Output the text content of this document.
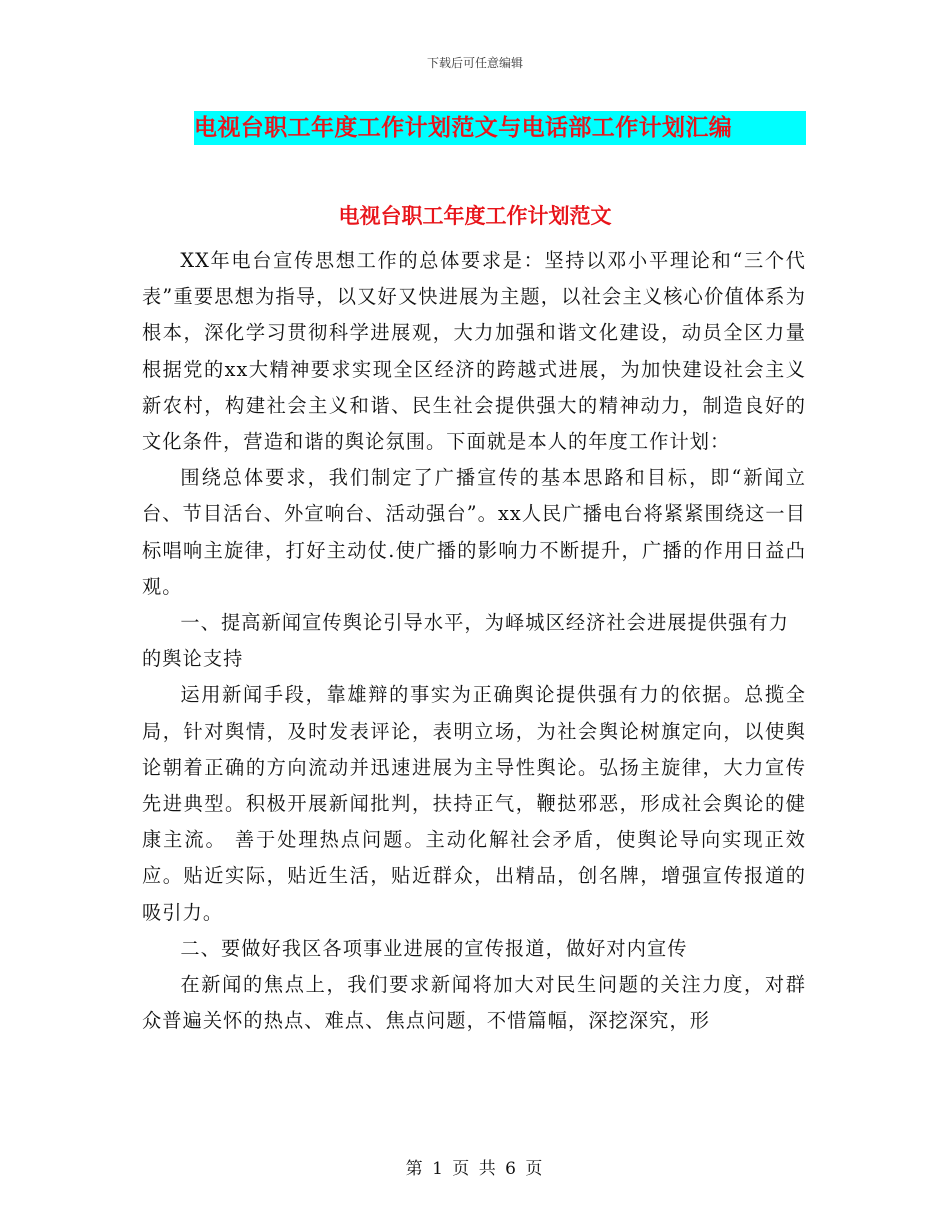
下载后可任意编辑
电视台职工年度工作计划范文与电话部工作计划汇编
电视台职工年度工作计划范文

XX年电台宣传思想工作的总体要求是：坚持以邓小平理论和“三个代表”重要思想为指导，以又好又快进展为主题，以社会主义核心价值体系为根本，深化学习贯彻科学进展观，大力加强和谐文化建设，动员全区力量根据党的xx大精神要求实现全区经济的跨越式进展，为加快建设社会主义新农村，构建社会主义和谐、民生社会提供强大的精神动力，制造良好的文化条件，营造和谐的舆论氛围。下面就是本人的年度工作计划：

围绕总体要求，我们制定了广播宣传的基本思路和目标，即“新闻立台、节目活台、外宣响台、活动强台”。xx人民广播电台将紧紧围绕这一目标唱响主旋律，打好主动仗.使广播的影响力不断提升，广播的作用日益凸观。

一、提高新闻宣传舆论引导水平，为峄城区经济社会进展提供强有力的舆论支持

运用新闻手段，靠雄辩的事实为正确舆论提供强有力的依据。总揽全局，针对舆情，及时发表评论，表明立场，为社会舆论树旗定向，以使舆论朝着正确的方向流动并迅速进展为主导性舆论。弘扬主旋律，大力宣传先进典型。积极开展新闻批判，扶持正气，鞭挞邪恶，形成社会舆论的健康主流。 善于处理热点问题。主动化解社会矛盾，使舆论导向实现正效应。贴近实际，贴近生活，贴近群众，出精品，创名牌，增强宣传报道的吸引力。

二、要做好我区各项事业进展的宣传报道，做好对内宣传

在新闻的焦点上，我们要求新闻将加大对民生问题的关注力度，对群众普遍关怀的热点、难点、焦点问题，不惜篇幅，深挖深究，形

第 1 页 共 6 页
